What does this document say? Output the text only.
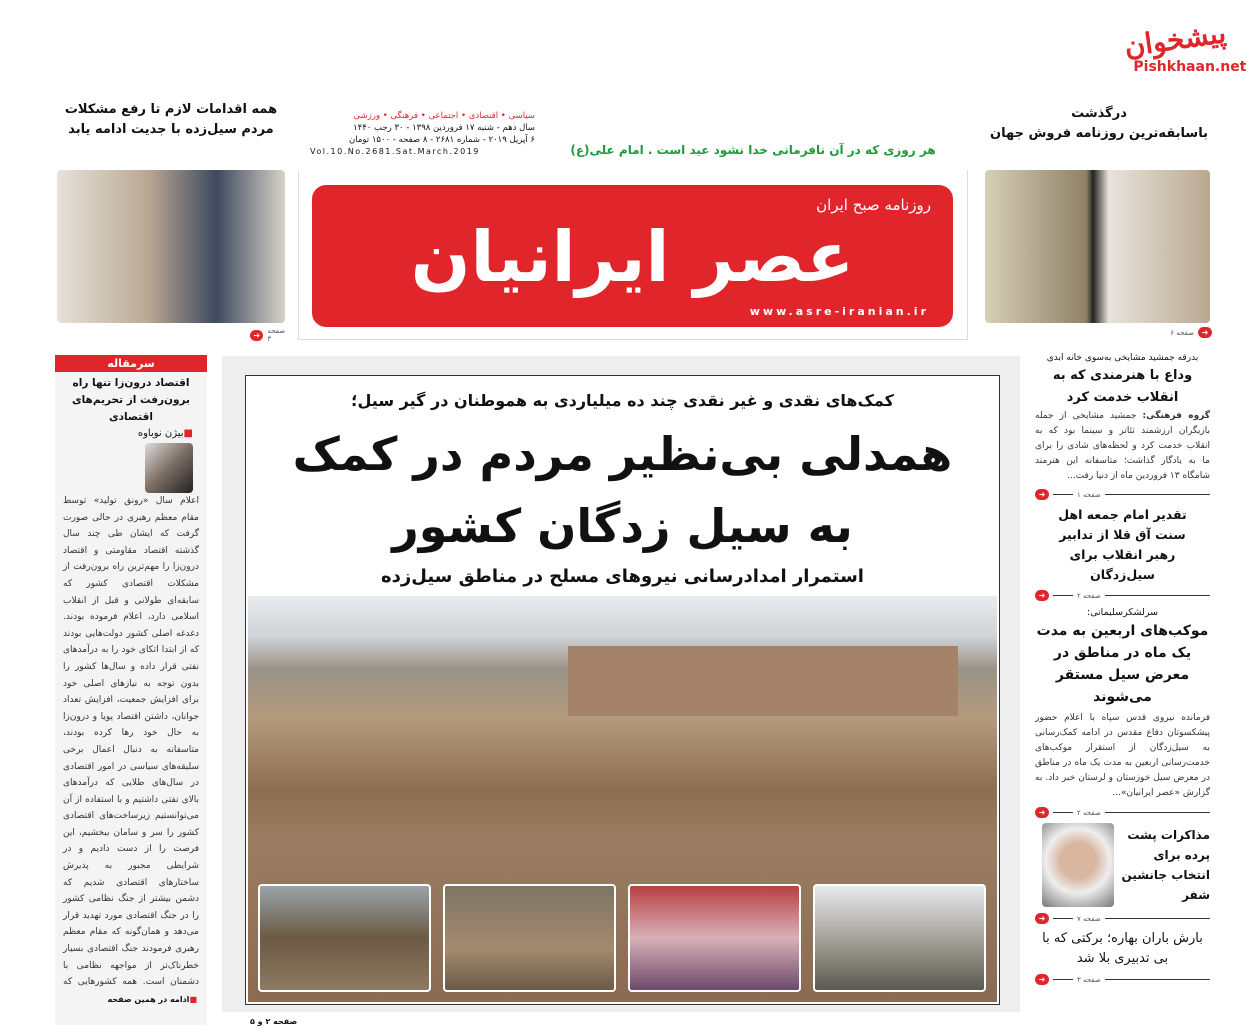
پیشخوان
Pishkhaan.net
همه اقدامات لازم تا رفع مشکلات مردم سیل‌زده با جدیت ادامه یابد
➜	صفحه ۳
سیاسی • اقتصادی • اجتماعی • فرهنگی • ورزشی
سال دهم - شنبه ۱۷ فروردین ۱۳۹۸ - ۳۰ رجب ۱۴۴۰
۶ آپریل ۲۰۱۹ - شماره ۲۶۸۱ - ۸ صفحه - ۱۵۰۰ تومان
Vol.10.No.2681.Sat.March.2019	هر روزی که در آن نافرمانی خدا نشود عید است . امام علی(ع)
روزنامه صبح ایران
عصر ایرانیان
www.asre-iranian.ir
درگذشت
باسابقه‌ترین روزنامه فروش جهان
➜
صفحه ۶
سرمقاله
اقتصاد درون‌زا تنها راه برون‌رفت از تحریم‌های اقتصادی
■بیژن نوباوه
اعلام سال «رونق تولید» توسط مقام معظم رهبری در حالی صورت گرفت که ایشان طی چند سال گذشته اقتصاد مقاومتی و اقتصاد درون‌زا را مهم‌ترین راه برون‌رفت از مشکلات اقتصادی کشور که سابقه‌ای طولانی و قبل از انقلاب اسلامی دارد، اعلام فرموده بودند. دغدغه اصلی کشور دولت‌هایی بودند که از ابتدا اتکای خود را به درآمدهای نفتی قرار داده و سال‌ها کشور را بدون توجه به نیازهای اصلی خود برای افزایش جمعیت، افزایش تعداد جوانان، داشتن اقتصاد پویا و درون‌زا به حال خود رها کرده بودند، متاسفانه به دنبال اعمال برخی سلیقه‌های سیاسی در امور اقتصادی در سال‌های طلایی که درآمدهای بالای نفتی داشتیم و با استفاده از آن می‌توانستیم زیرساخت‌های اقتصادی کشور را سر و سامان ببخشیم، این فرصت را از دست دادیم و در شرایطی مجبور به پذیرش ساختارهای اقتصادی شدیم که دشمن بیشتر از جنگ نظامی کشور را در جنگ اقتصادی مورد تهدید قرار می‌دهد و همان‌گونه که مقام معظم رهبری فرمودند جنگ اقتصادی بسیار خطرناک‌تر از مواجهه نظامی با دشمنان است. همه کشورهایی که
■ادامه در همین صفحه
کمک‌های نقدی و غیر نقدی چند ده میلیاردی به هموطنان در گیر سیل؛
همدلی بی‌نظیر مردم در کمک
به سیل زدگان کشور
استمرار امدادرسانی نیروهای مسلح در مناطق سیل‌زده
صفحه ۲ و ۵
بدرقه جمشید مشایخی به‌سوی خانه ابدی
وداع با هنرمندی که به انقلاب خدمت کرد
گروه فرهنگی: جمشید مشایخی از جمله بازیگران ارزشمند تئاتر و سینما بود که به انقلاب خدمت کرد و لحظه‌های شادی را برای ما به یادگار گذاشت؛ متاسفانه این هنرمند شامگاه ۱۳ فروردین ماه از دنیا رفت...
صفحه ۱
➜
تقدیر امام جمعه اهل سنت آق قلا از تدابیر رهبر انقلاب برای سیل‌زدگان
صفحه ۲
➜
سرلشکرسلیمانی:
موکب‌های اربعین به مدت یک ماه در مناطق در معرض سیل مستقر می‌شوند
فرمانده نیروی قدس سپاه با اعلام حضور پیشکسوتان دفاع مقدس در ادامه کمک‌رسانی به سیل‌زدگان از استقرار موکب‌های خدمت‌رسانی اربعین به مدت یک ماه در مناطق در معرض سیل خوزستان و لرستان خبر داد. به گزارش «عصر ایرانیان»...
صفحه ۲
➜
مذاکرات پشت پرده برای انتخاب جانشین شفر
صفحه ۷
➜
بارش باران بهاره؛ برکتی که با بی تدبیری بلا شد
صفحه ۳
➜
